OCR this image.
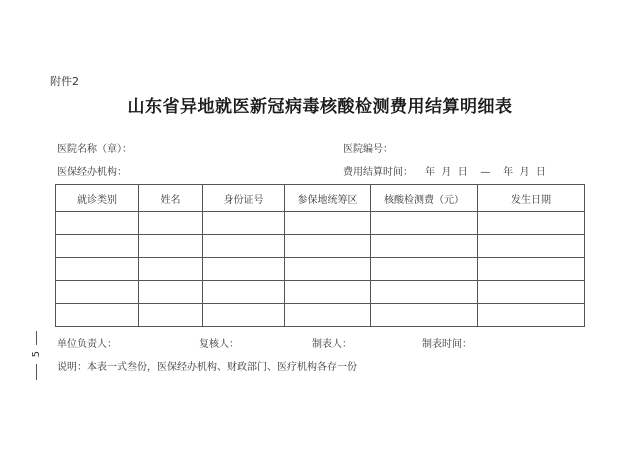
附件2
山东省异地就医新冠病毒核酸检测费用结算明细表
医院名称（章）：	医院编号：
医保经办机构：	费用结算时间： 年  月  日    —    年  月  日
就诊类别	姓名	身份证号	参保地统筹区	核酸检测费（元）	发生日期

5
单位负责人：	复核人：	制表人：	制表时间：
说明：本表一式叁份，医保经办机构、财政部门、医疗机构各存一份
